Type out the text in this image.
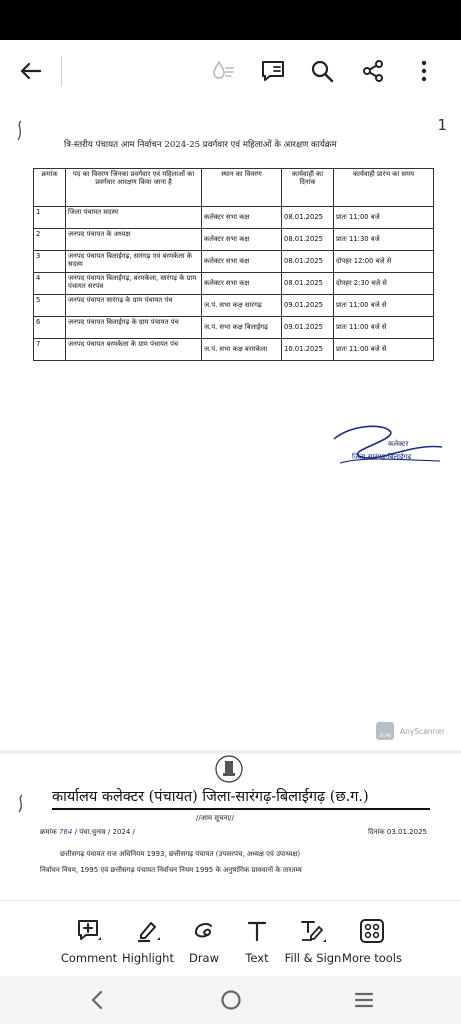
1
त्रि-स्तरीय पंचायत आम निर्वाचन 2024-25 प्रवर्गवार एवं महिलाओं के आरक्षण कार्यक्रम
क्रमांक	पद का विवरण जिनका प्रवर्गवार एवं महिलाओं का प्रवर्गवार आरक्षण किया जाना है	स्थान का विवरण	कार्यवाही का दिनांक	कार्यवाही प्रारंभ का समय
1	जिला पंचायत सदस्य	कलेक्टर सभा कक्ष	08.01.2025	प्रातः 11:00 बजे
2	जनपद पंचायत के अध्यक्ष	कलेक्टर सभा कक्ष	08.01.2025	प्रातः 11:30 बजे
3	जनपद पंचायत बिलाईगढ़, सारंगढ़ एवं बरमकेला के सदस्य	कलेक्टर सभा कक्ष	08.01.2025	दोपहर 12:00 बजे से
4	जनपद पंचायत बिलाईगढ़, बरमकेला, सारंगढ़ के ग्राम पंचायत सरपंच	कलेक्टर सभा कक्ष	08.01.2025	दोपहर 2:30 बजे से
5	जनपद पंचायत सारंगढ़ के ग्राम पंचायत पंच	ज.पं. सभा कक्ष सारंगढ़	09.01.2025	प्रातः 11:00 बजे से
6	जनपद पंचायत बिलाईगढ़ के ग्राम पंचायत पंच	ज.पं. सभा कक्ष बिलाईगढ़	09.01.2025	प्रातः 11:00 बजे से
7	जनपद पंचायत बरमकेला के ग्राम पंचायत पंच	ज.पं. सभा कक्ष बरमकेला	10.01.2025	प्रातः 11:00 बजे से
कलेक्टर
जिला सारंगढ़-बिलाईगढ़
SCAN	AnyScanner
कार्यालय कलेक्टर (पंचायत) जिला-सारंगढ़-बिलाईगढ़ (छ.ग.)
//आम सूचना//
क्रमांक 764 / पंचा.चुनाव / 2024 /	दिनांक 03.01.2025
छत्तीसगढ़ पंचायत राज अधिनियम 1993, छत्तीसगढ़ पंचायत (उपसरपंच, अध्यक्ष एवं उपाध्यक्ष)
निर्वाचन नियम, 1995 एवं छत्तीसगढ़ पंचायत निर्वाचन नियम 1995 के अनुषांगिक प्रावधानों के तारतम्य
Comment Highlight Draw Text Fill & Sign More tools
